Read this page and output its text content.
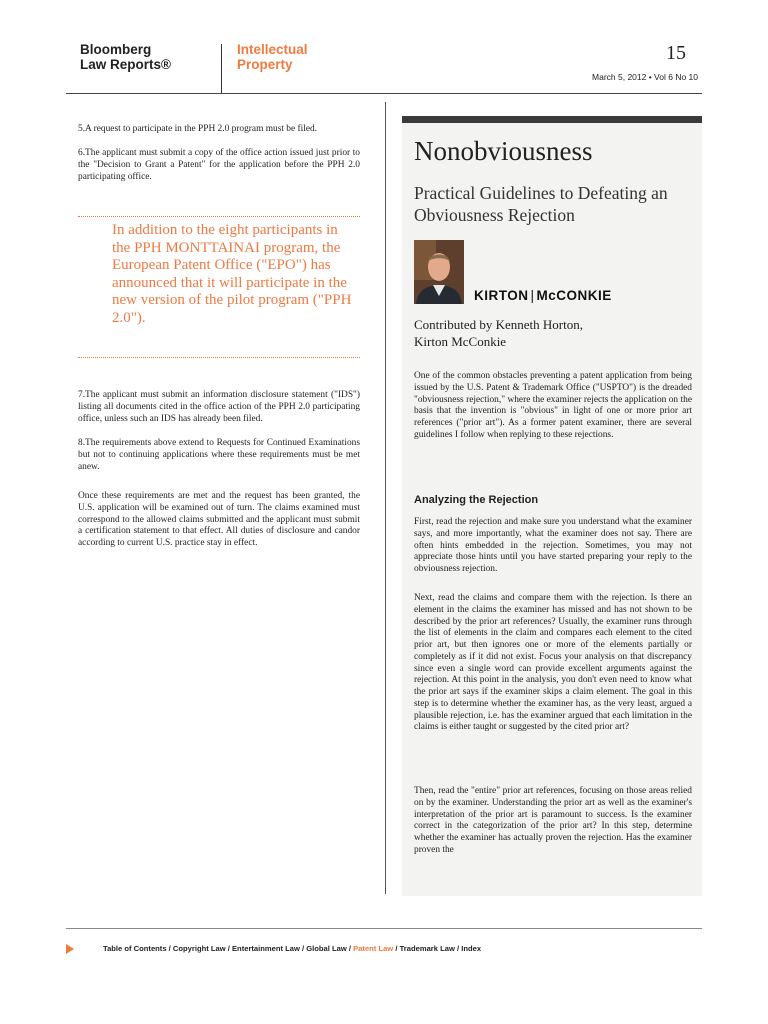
Bloomberg
Law Reports®
Intellectual
Property
15
March 5, 2012 • Vol 6 No 10
5.A request to participate in the PPH 2.0 program must be filed.
6.The applicant must submit a copy of the office action issued just prior to the "Decision to Grant a Patent" for the application before the PPH 2.0 participating office.
In addition to the eight participants in the PPH MONTTAINAI program, the European Patent Office ("EPO") has announced that it will participate in the new version of the pilot program ("PPH 2.0").
7.The applicant must submit an information disclosure statement ("IDS") listing all documents cited in the office action of the PPH 2.0 participating office, unless such an IDS has already been filed.
8.The requirements above extend to Requests for Continued Examinations but not to continuing applications where these requirements must be met anew.
Once these requirements are met and the request has been granted, the U.S. application will be examined out of turn. The claims examined must correspond to the allowed claims submitted and the applicant must submit a certification statement to that effect. All duties of disclosure and candor according to current U.S. practice stay in effect.
Nonobviousness
Practical Guidelines to Defeating an Obviousness Rejection
KIRTON | McCONKIE
Contributed by Kenneth Horton,
Kirton McConkie
One of the common obstacles preventing a patent application from being issued by the U.S. Patent & Trademark Office ("USPTO") is the dreaded "obviousness rejection," where the examiner rejects the application on the basis that the invention is "obvious" in light of one or more prior art references ("prior art"). As a former patent examiner, there are several guidelines I follow when replying to these rejections.
Analyzing the Rejection
First, read the rejection and make sure you understand what the examiner says, and more importantly, what the examiner does not say. There are often hints embedded in the rejection. Sometimes, you may not appreciate those hints until you have started preparing your reply to the obviousness rejection.
Next, read the claims and compare them with the rejection. Is there an element in the claims the examiner has missed and has not shown to be described by the prior art references? Usually, the examiner runs through the list of elements in the claim and compares each element to the cited prior art, but then ignores one or more of the elements partially or completely as if it did not exist. Focus your analysis on that discrepancy since even a single word can provide excellent arguments against the rejection. At this point in the analysis, you don't even need to know what the prior art says if the examiner skips a claim element. The goal in this step is to determine whether the examiner has, as the very least, argued a plausible rejection, i.e. has the examiner argued that each limitation in the claims is either taught or suggested by the cited prior art?
Then, read the "entire" prior art references, focusing on those areas relied on by the examiner. Understanding the prior art as well as the examiner's interpretation of the prior art is paramount to success. Is the examiner correct in the categorization of the prior art? In this step, determine whether the examiner has actually proven the rejection. Has the examiner proven the
Table of Contents / Copyright Law / Entertainment Law / Global Law / Patent Law / Trademark Law / Index
